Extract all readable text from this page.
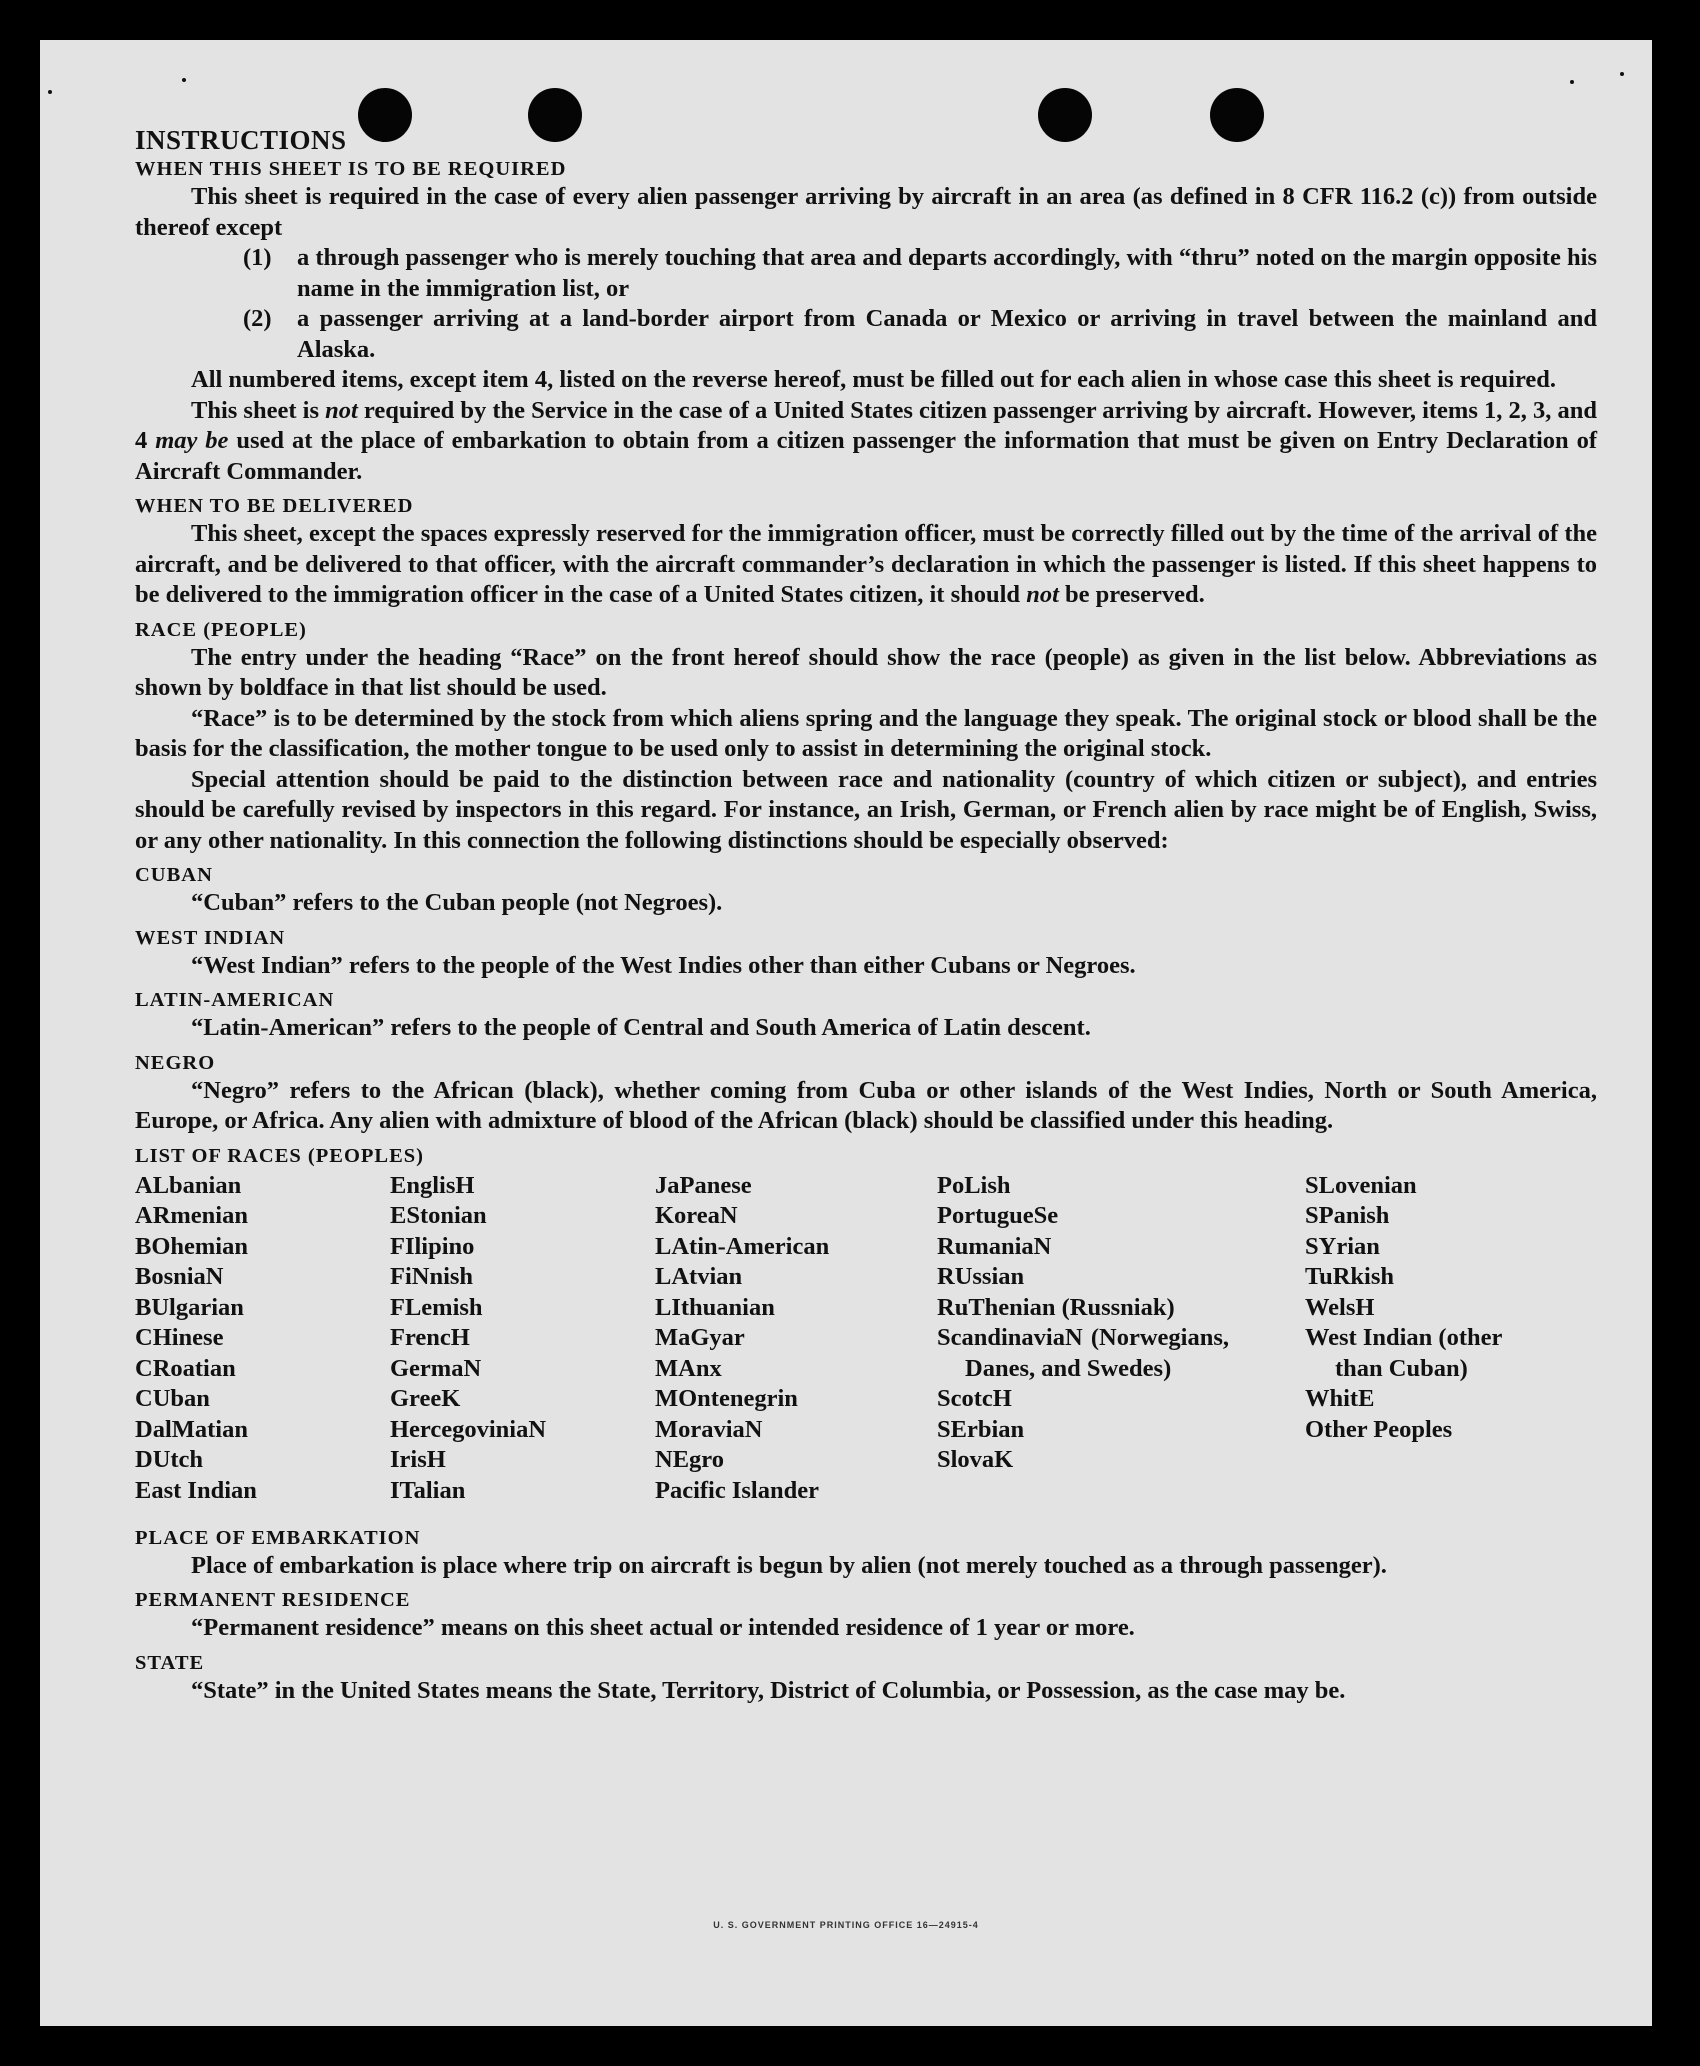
INSTRUCTIONS

WHEN THIS SHEET IS TO BE REQUIRED

This sheet is required in the case of every alien passenger arriving by aircraft in an area (as defined in 8 CFR 116.2 (c)) from outside thereof except

(1)	a through passenger who is merely touching that area and departs accordingly, with “thru” noted on the margin opposite his name in the immigration list, or
(2)	a passenger arriving at a land-border airport from Canada or Mexico or arriving in travel between the mainland and Alaska.

All numbered items, except item 4, listed on the reverse hereof, must be filled out for each alien in whose case this sheet is required.

This sheet is not required by the Service in the case of a United States citizen passenger arriving by aircraft. However, items 1, 2, 3, and 4 may be used at the place of embarkation to obtain from a citizen passenger the information that must be given on Entry Declaration of Aircraft Commander.

WHEN TO BE DELIVERED

This sheet, except the spaces expressly reserved for the immigration officer, must be correctly filled out by the time of the arrival of the aircraft, and be delivered to that officer, with the aircraft commander’s declaration in which the passenger is listed. If this sheet happens to be delivered to the immigration officer in the case of a United States citizen, it should not be preserved.

RACE (PEOPLE)

The entry under the heading “Race” on the front hereof should show the race (people) as given in the list below. Abbreviations as shown by boldface in that list should be used.

“Race” is to be determined by the stock from which aliens spring and the language they speak. The original stock or blood shall be the basis for the classification, the mother tongue to be used only to assist in determining the original stock.

Special attention should be paid to the distinction between race and nationality (country of which citizen or subject), and entries should be carefully revised by inspectors in this regard. For instance, an Irish, German, or French alien by race might be of English, Swiss, or any other nationality. In this connection the following distinctions should be especially observed:

CUBAN

“Cuban” refers to the Cuban people (not Negroes).

WEST INDIAN

“West Indian” refers to the people of the West Indies other than either Cubans or Negroes.

LATIN-AMERICAN

“Latin-American” refers to the people of Central and South America of Latin descent.

NEGRO

“Negro” refers to the African (black), whether coming from Cuba or other islands of the West Indies, North or South America, Europe, or Africa. Any alien with admixture of blood of the African (black) should be classified under this heading.

LIST OF RACES (PEOPLES)

ALbanian
ARmenian
BOhemian
BosniaN
BUlgarian
CHinese
CRoatian
CUban
DalMatian
DUtch
East Indian
EnglisH
EStonian
FIlipino
FiNnish
FLemish
FrencH
GermaN
GreeK
HercegoviniaN
IrisH
ITalian
JaPanese
KoreaN
LAtin-American
LAtvian
LIthuanian
MaGyar
MAnx
MOntenegrin
MoraviaN
NEgro
Pacific Islander
PoLish
PortugueSe
RumaniaN
RUssian
RuThenian (Russniak)
ScandinaviaN (Norwegians, Danes, and Swedes)
ScotcH
SErbian
SlovaK
SLovenian
SPanish
SYrian
TuRkish
WelsH
West Indian (other than Cuban)
WhitE
Other Peoples

PLACE OF EMBARKATION

Place of embarkation is place where trip on aircraft is begun by alien (not merely touched as a through passenger).

PERMANENT RESIDENCE

“Permanent residence” means on this sheet actual or intended residence of 1 year or more.

STATE

“State” in the United States means the State, Territory, District of Columbia, or Possession, as the case may be.

U. S. GOVERNMENT PRINTING OFFICE 16—24915-4
